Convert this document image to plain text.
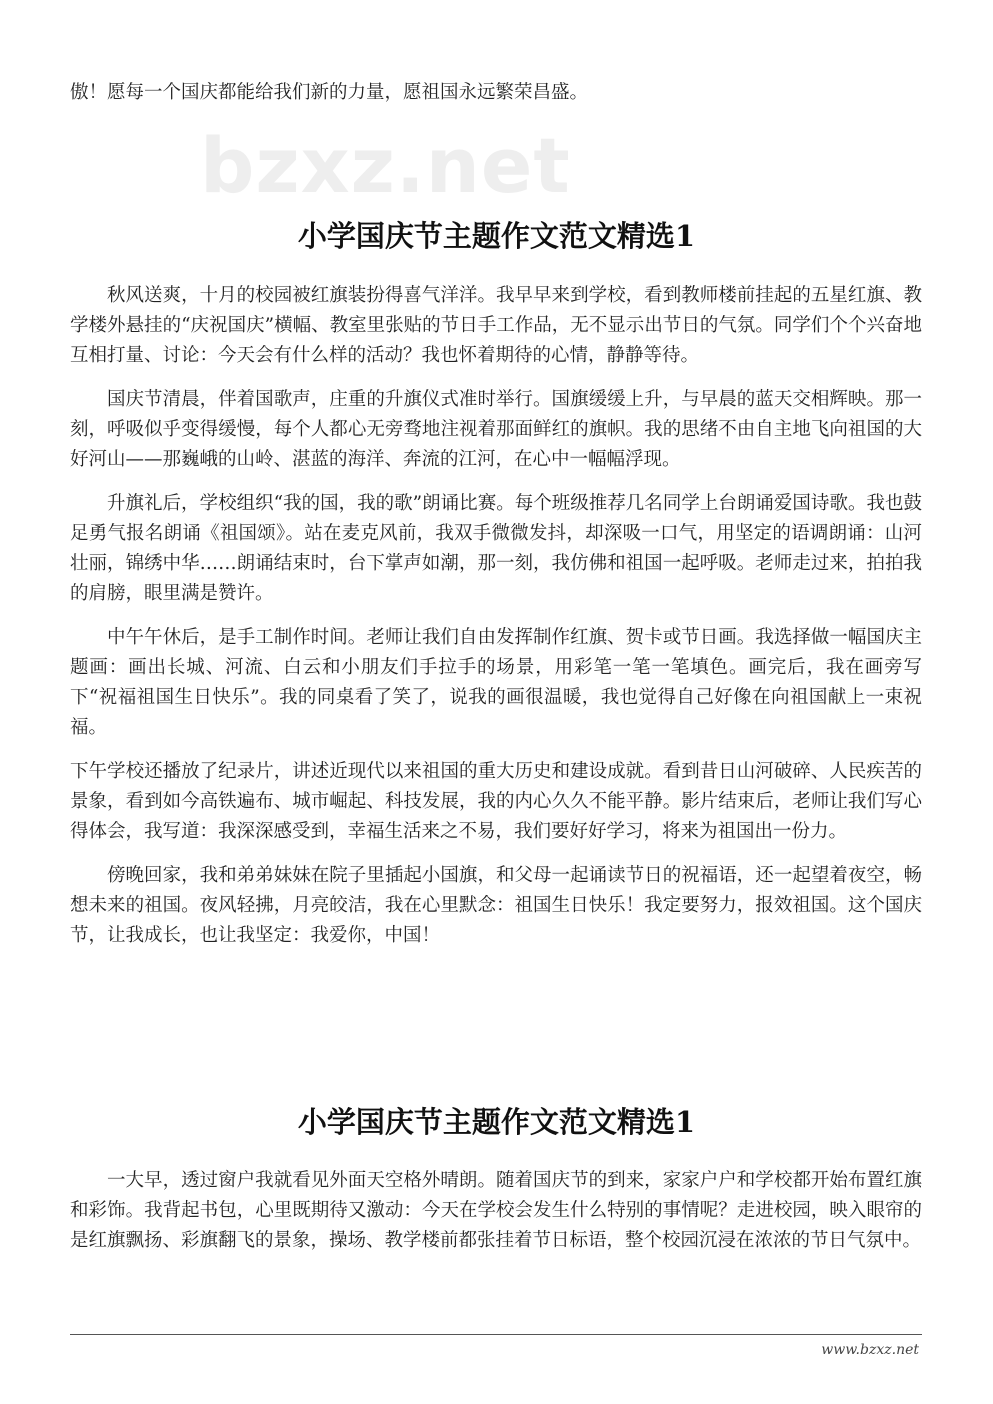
bzxz.net

傲！愿每一个国庆都能给我们新的力量，愿祖国永远繁荣昌盛。

小学国庆节主题作文范文精选1

秋风送爽，十月的校园被红旗装扮得喜气洋洋。我早早来到学校，看到教师楼前挂起的五星红旗、教学楼外悬挂的“庆祝国庆”横幅、教室里张贴的节日手工作品，无不显示出节日的气氛。同学们个个兴奋地互相打量、讨论：今天会有什么样的活动？我也怀着期待的心情，静静等待。

国庆节清晨，伴着国歌声，庄重的升旗仪式准时举行。国旗缓缓上升，与早晨的蓝天交相辉映。那一刻，呼吸似乎变得缓慢，每个人都心无旁骛地注视着那面鲜红的旗帜。我的思绪不由自主地飞向祖国的大好河山——那巍峨的山岭、湛蓝的海洋、奔流的江河，在心中一幅幅浮现。

升旗礼后，学校组织“我的国，我的歌”朗诵比赛。每个班级推荐几名同学上台朗诵爱国诗歌。我也鼓足勇气报名朗诵《祖国颂》。站在麦克风前，我双手微微发抖，却深吸一口气，用坚定的语调朗诵：山河壮丽，锦绣中华……朗诵结束时，台下掌声如潮，那一刻，我仿佛和祖国一起呼吸。老师走过来，拍拍我的肩膀，眼里满是赞许。

中午午休后，是手工制作时间。老师让我们自由发挥制作红旗、贺卡或节日画。我选择做一幅国庆主题画：画出长城、河流、白云和小朋友们手拉手的场景，用彩笔一笔一笔填色。画完后，我在画旁写下“祝福祖国生日快乐”。我的同桌看了笑了，说我的画很温暖，我也觉得自己好像在向祖国献上一束祝福。

下午学校还播放了纪录片，讲述近现代以来祖国的重大历史和建设成就。看到昔日山河破碎、人民疾苦的景象，看到如今高铁遍布、城市崛起、科技发展，我的内心久久不能平静。影片结束后，老师让我们写心得体会，我写道：我深深感受到，幸福生活来之不易，我们要好好学习，将来为祖国出一份力。

傍晚回家，我和弟弟妹妹在院子里插起小国旗，和父母一起诵读节日的祝福语，还一起望着夜空，畅想未来的祖国。夜风轻拂，月亮皎洁，我在心里默念：祖国生日快乐！我定要努力，报效祖国。这个国庆节，让我成长，也让我坚定：我爱你，中国！

小学国庆节主题作文范文精选1

一大早，透过窗户我就看见外面天空格外晴朗。随着国庆节的到来，家家户户和学校都开始布置红旗和彩饰。我背起书包，心里既期待又激动：今天在学校会发生什么特别的事情呢？走进校园，映入眼帘的是红旗飘扬、彩旗翻飞的景象，操场、教学楼前都张挂着节日标语，整个校园沉浸在浓浓的节日气氛中。

www.bzxz.net
